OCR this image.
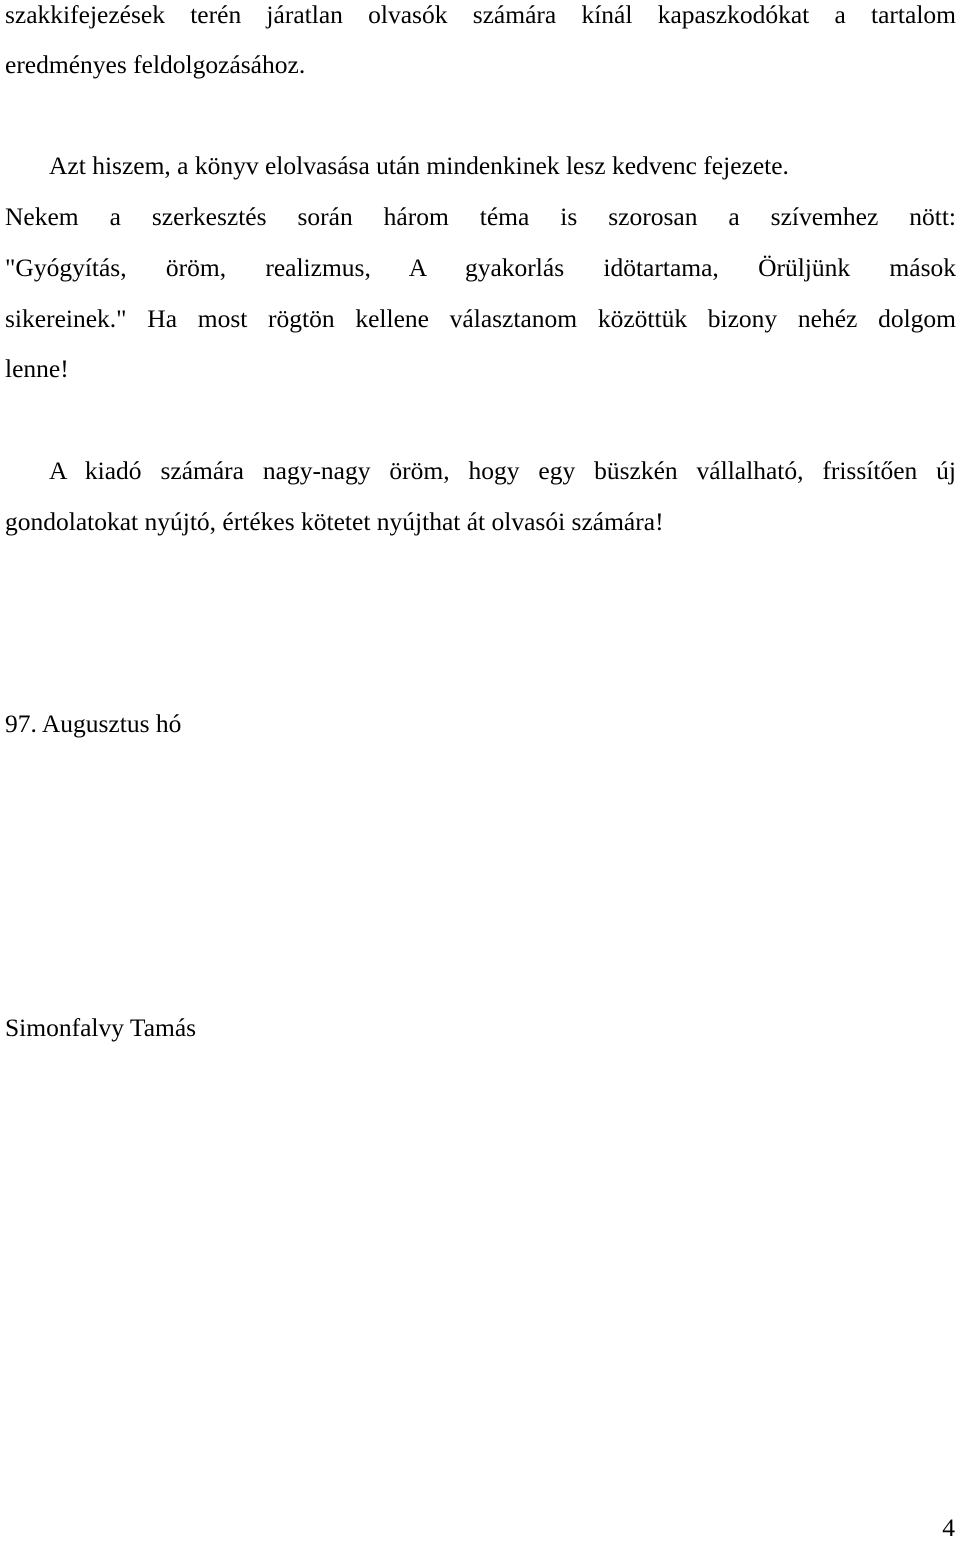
szakkifejezések terén járatlan olvasók számára kínál kapaszkodókat a tartalom

eredményes feldolgozásához.

Azt hiszem, a könyv elolvasása után mindenkinek lesz kedvenc fejezete.

Nekem a szerkesztés során három téma is szorosan a szívemhez nött:

"Gyógyítás, öröm, realizmus, A gyakorlás idötartama, Örüljünk mások

sikereinek." Ha most rögtön kellene választanom közöttük bizony nehéz dolgom

lenne!

A kiadó számára nagy-nagy öröm, hogy egy büszkén vállalható, frissítően új

gondolatokat nyújtó, értékes kötetet nyújthat át olvasói számára!

97. Augusztus hó

Simonfalvy Tamás

4
